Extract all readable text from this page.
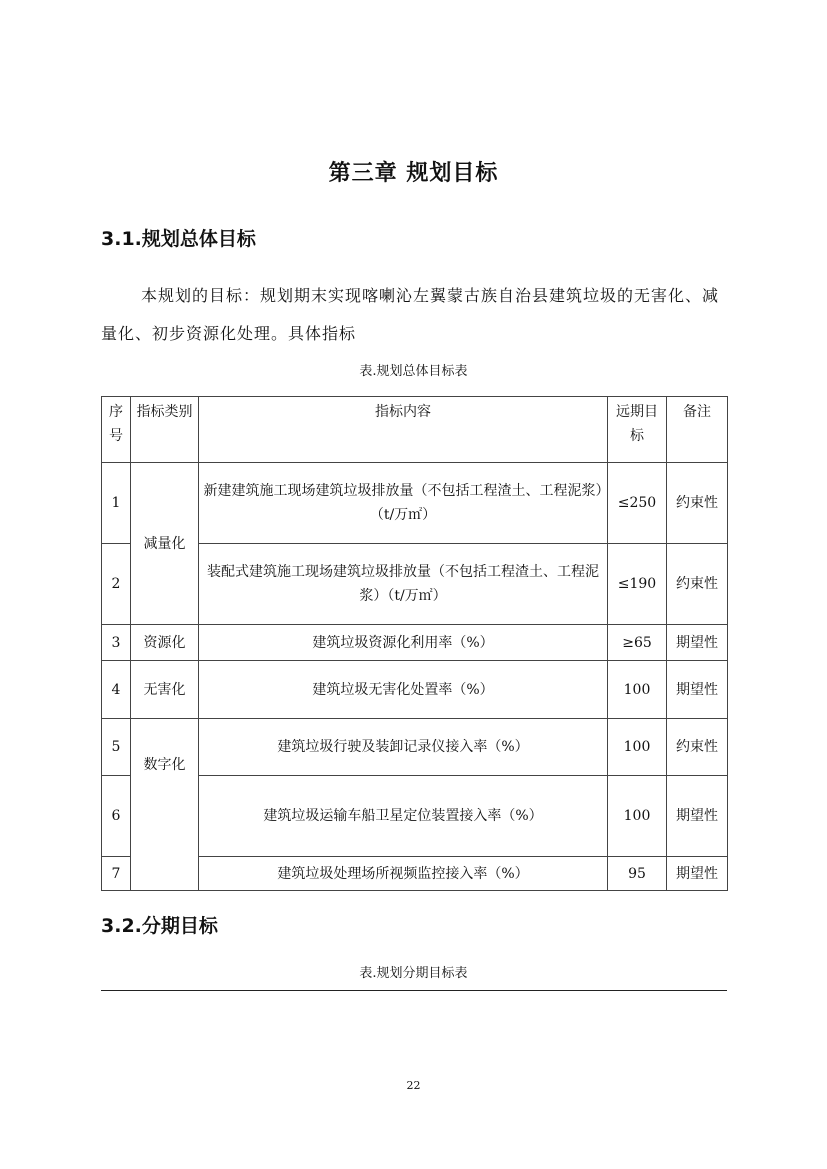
第三章 规划目标
3.1.规划总体目标
本规划的目标：规划期末实现喀喇沁左翼蒙古族自治县建筑垃圾的无害化、减量化、初步资源化处理。具体指标
表.规划总体目标表
序号	指标类别	指标内容	远期目标	备注
1	减量化	新建建筑施工现场建筑垃圾排放量（不包括工程渣土、工程泥浆）（t/万㎡）	≤250	约束性
2		装配式建筑施工现场建筑垃圾排放量（不包括工程渣土、工程泥浆）（t/万㎡）	≤190	约束性
3	资源化	建筑垃圾资源化利用率（%）	≥65	期望性
4	无害化	建筑垃圾无害化处置率（%）	100	期望性
5	数字化	建筑垃圾行驶及装卸记录仪接入率（%）	100	约束性
6		建筑垃圾运输车船卫星定位装置接入率（%）	100	期望性
7		建筑垃圾处理场所视频监控接入率（%）	95	期望性
3.2.分期目标
表.规划分期目标表
22
